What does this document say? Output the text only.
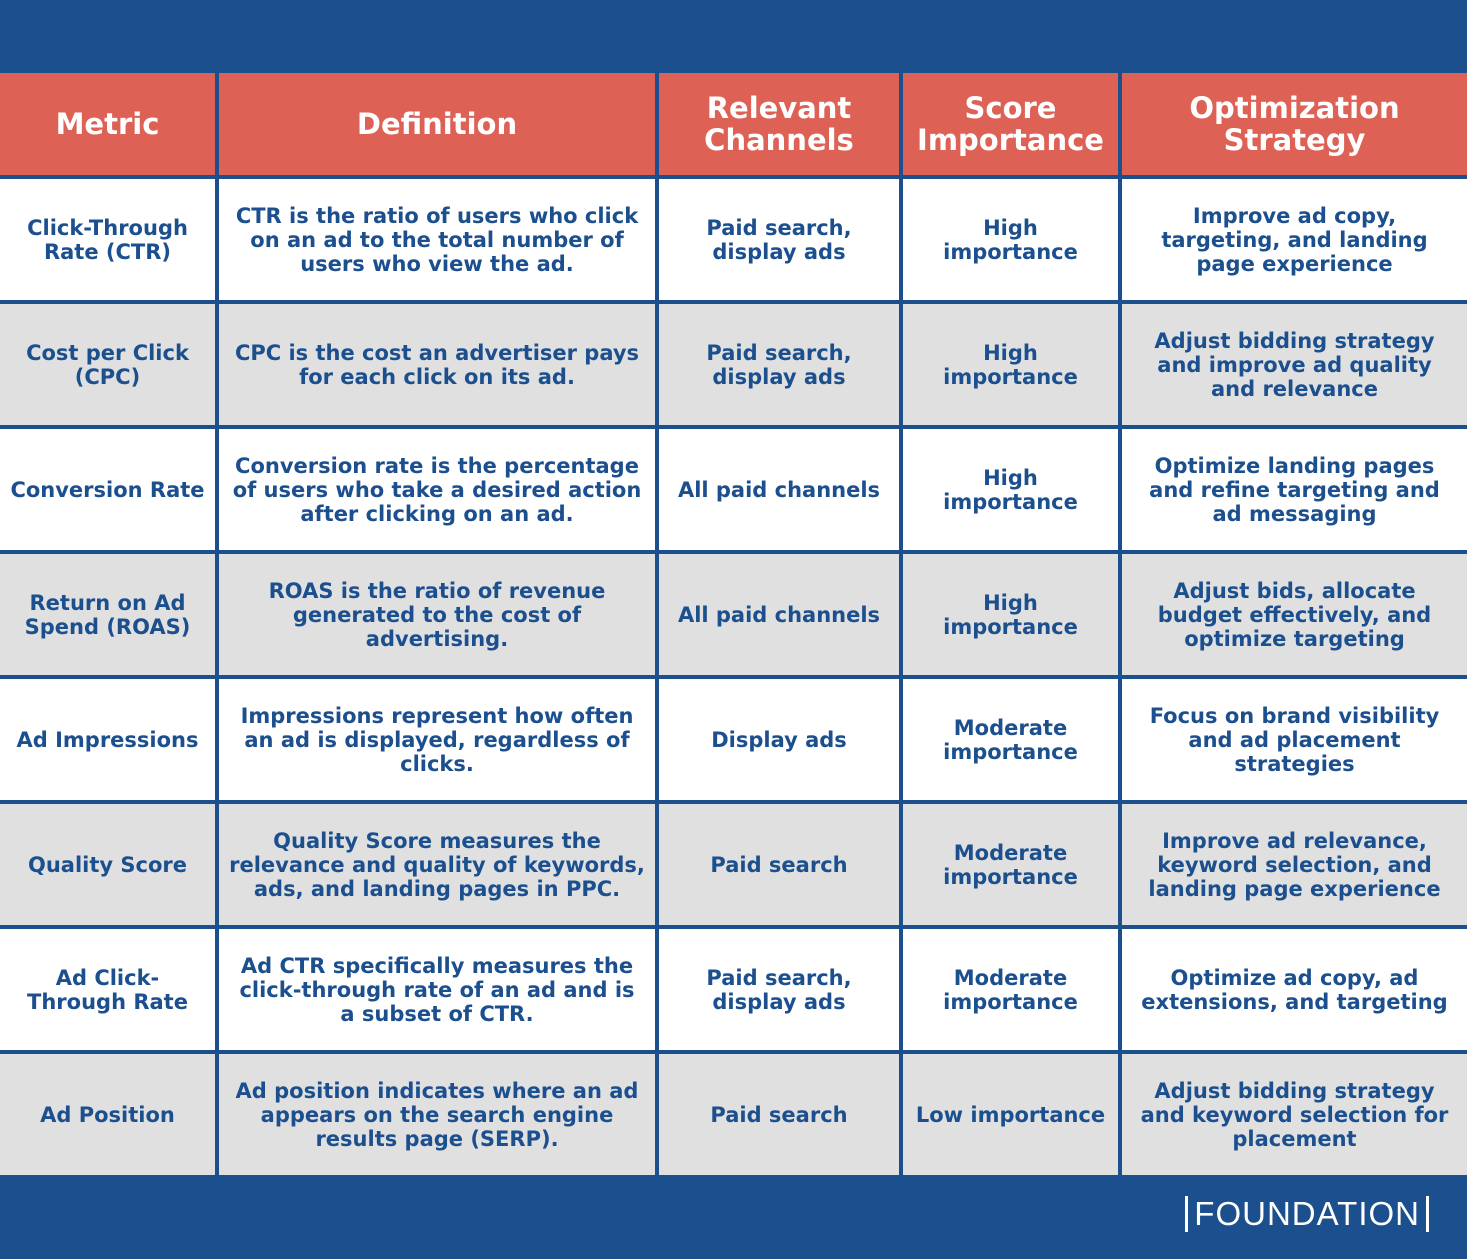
Metric	Definition	Relevant Channels	Score Importance	Optimization Strategy
Click-Through Rate (CTR)	CTR is the ratio of users who click on an ad to the total number of users who view the ad.	Paid search, display ads	High importance	Improve ad copy, targeting, and landing page experience
Cost per Click (CPC)	CPC is the cost an advertiser pays for each click on its ad.	Paid search, display ads	High importance	Adjust bidding strategy and improve ad quality and relevance
Conversion Rate	Conversion rate is the percentage of users who take a desired action after clicking on an ad.	All paid channels	High importance	Optimize landing pages and refine targeting and ad messaging
Return on Ad Spend (ROAS)	ROAS is the ratio of revenue generated to the cost of advertising.	All paid channels	High importance	Adjust bids, allocate budget effectively, and optimize targeting
Ad Impressions	Impressions represent how often an ad is displayed, regardless of clicks.	Display ads	Moderate importance	Focus on brand visibility and ad placement strategies
Quality Score	Quality Score measures the relevance and quality of keywords, ads, and landing pages in PPC.	Paid search	Moderate importance	Improve ad relevance, keyword selection, and landing page experience
Ad Click-Through Rate	Ad CTR specifically measures the click-through rate of an ad and is a subset of CTR.	Paid search, display ads	Moderate importance	Optimize ad copy, ad extensions, and targeting
Ad Position	Ad position indicates where an ad appears on the search engine results page (SERP).	Paid search	Low importance	Adjust bidding strategy and keyword selection for placement
FOUNDATION
